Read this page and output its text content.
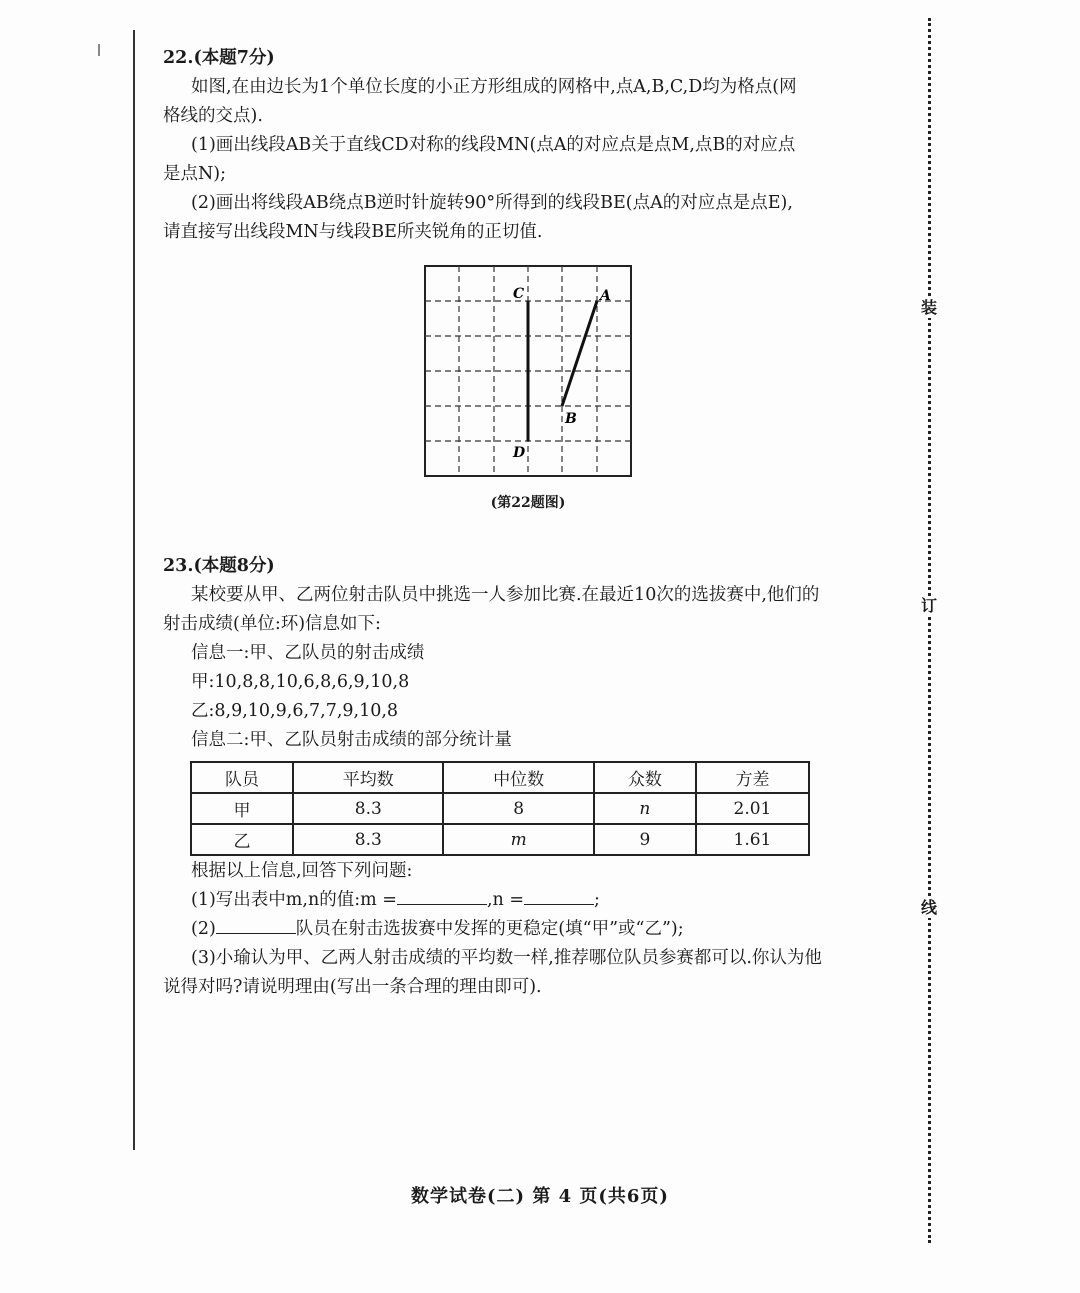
装
订
线

22.(本题7分)

如图,在由边长为1个单位长度的小正方形组成的网格中,点A,B,C,D均为格点(网

格线的交点).

(1)画出线段AB关于直线CD对称的线段MN(点A的对应点是点M,点B的对应点

是点N);

(2)画出将线段AB绕点B逆时针旋转90°所得到的线段BE(点A的对应点是点E),

请直接写出线段MN与线段BE所夹锐角的正切值.

C	A
B
D
(第22题图)

23.(本题8分)

某校要从甲、乙两位射击队员中挑选一人参加比赛.在最近10次的选拔赛中,他们的

射击成绩(单位:环)信息如下:

信息一:甲、乙队员的射击成绩

甲:10,8,8,10,6,8,6,9,10,8

乙:8,9,10,9,6,7,7,9,10,8

信息二:甲、乙队员射击成绩的部分统计量

队员	平均数	中位数	众数	方差
甲	8.3	8	n	2.01
乙	8.3	m	9	1.61

根据以上信息,回答下列问题:

(1)写出表中m,n的值:m =	,n =	;

(2)	队员在射击选拔赛中发挥的更稳定(填“甲”或“乙”);

(3)小瑜认为甲、乙两人射击成绩的平均数一样,推荐哪位队员参赛都可以.你认为他

说得对吗?请说明理由(写出一条合理的理由即可).

数学试卷(二) 第 4 页(共6页)
